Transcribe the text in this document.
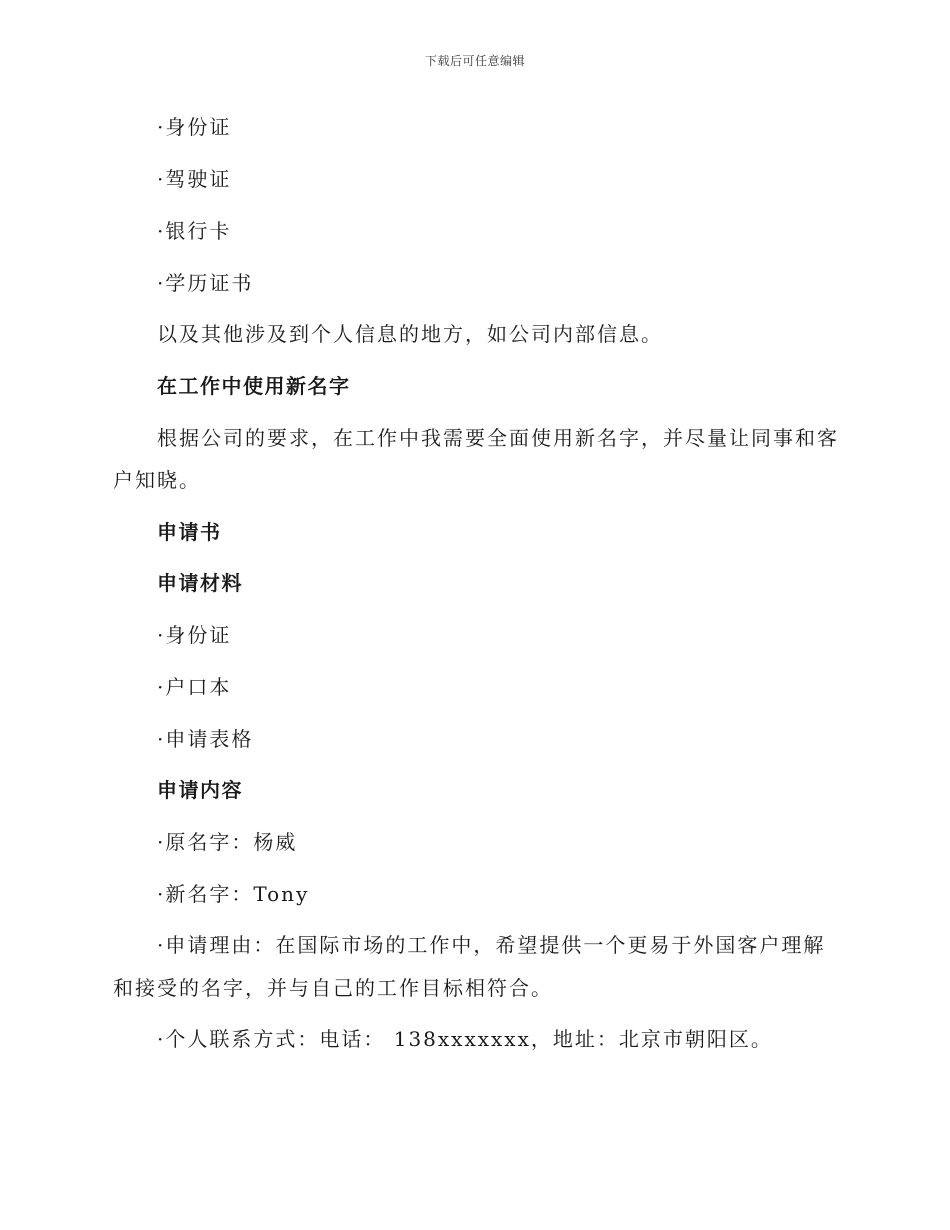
下载后可任意编辑
·身份证
·驾驶证
·银行卡
·学历证书
以及其他涉及到个人信息的地方，如公司内部信息。
在工作中使用新名字
根据公司的要求，在工作中我需要全面使用新名字，并尽量让同事和客
户知晓。
申请书
申请材料
·身份证
·户口本
·申请表格
申请内容
·原名字：杨威
·新名字：Tony
·申请理由：在国际市场的工作中，希望提供一个更易于外国客户理解
和接受的名字，并与自己的工作目标相符合。
·个人联系方式：电话： 138xxxxxxx，地址：北京市朝阳区。
